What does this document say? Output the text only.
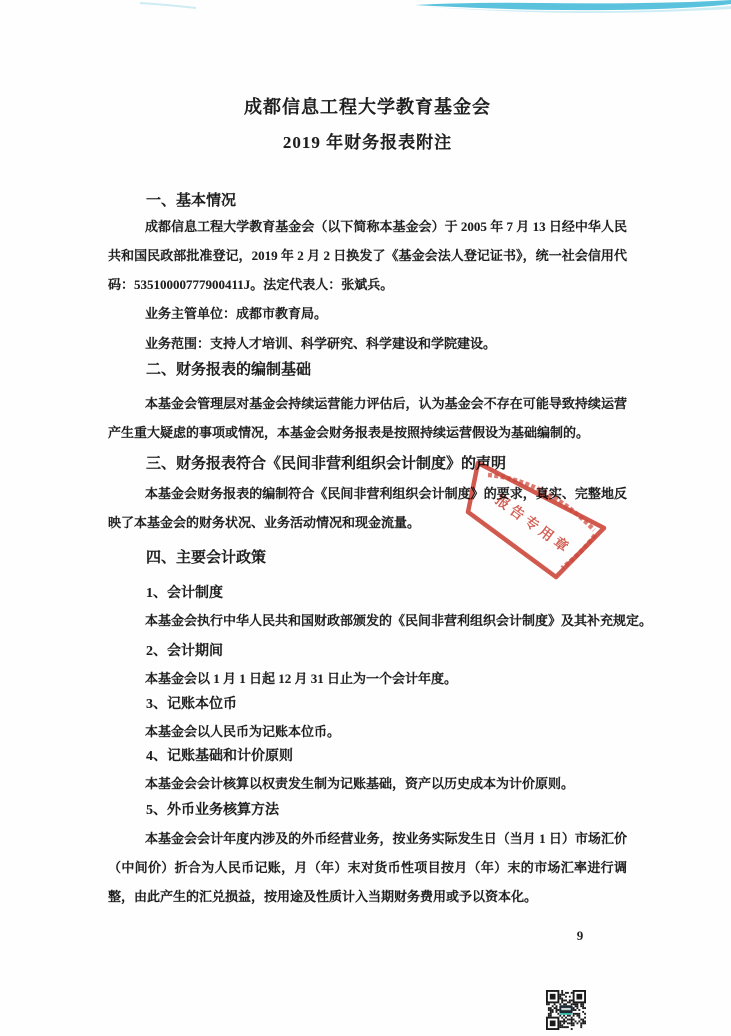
成都信息工程大学教育基金会
2019 年财务报表附注
一、基本情况

成都信息工程大学教育基金会（以下简称本基金会）于 2005 年 7 月 13 日经中华人民共和国民政部批准登记，2019 年 2 月 2 日换发了《基金会法人登记证书》，统一社会信用代码：53510000777900411J。法定代表人：张斌兵。

业务主管单位：成都市教育局。

业务范围：支持人才培训、科学研究、科学建设和学院建设。

二、财务报表的编制基础

本基金会管理层对基金会持续运营能力评估后，认为基金会不存在可能导致持续运营产生重大疑虑的事项或情况，本基金会财务报表是按照持续运营假设为基础编制的。

三、财务报表符合《民间非营利组织会计制度》的声明

本基金会财务报表的编制符合《民间非营利组织会计制度》的要求，真实、完整地反映了本基金会的财务状况、业务活动情况和现金流量。

四、主要会计政策
1、会计制度

本基金会执行中华人民共和国财政部颁发的《民间非营利组织会计制度》及其补充规定。

2、会计期间

本基金会以 1 月 1 日起 12 月 31 日止为一个会计年度。

3、记账本位币

本基金会以人民币为记账本位币。

4、记账基础和计价原则

本基金会会计核算以权责发生制为记账基础，资产以历史成本为计价原则。

5、外币业务核算方法

本基金会会计年度内涉及的外币经营业务，按业务实际发生日（当月 1 日）市场汇价（中间价）折合为人民币记账，月（年）末对货币性项目按月（年）末的市场汇率进行调整，由此产生的汇兑损益，按用途及性质计入当期财务费用或予以资本化。

报告专用章
9
